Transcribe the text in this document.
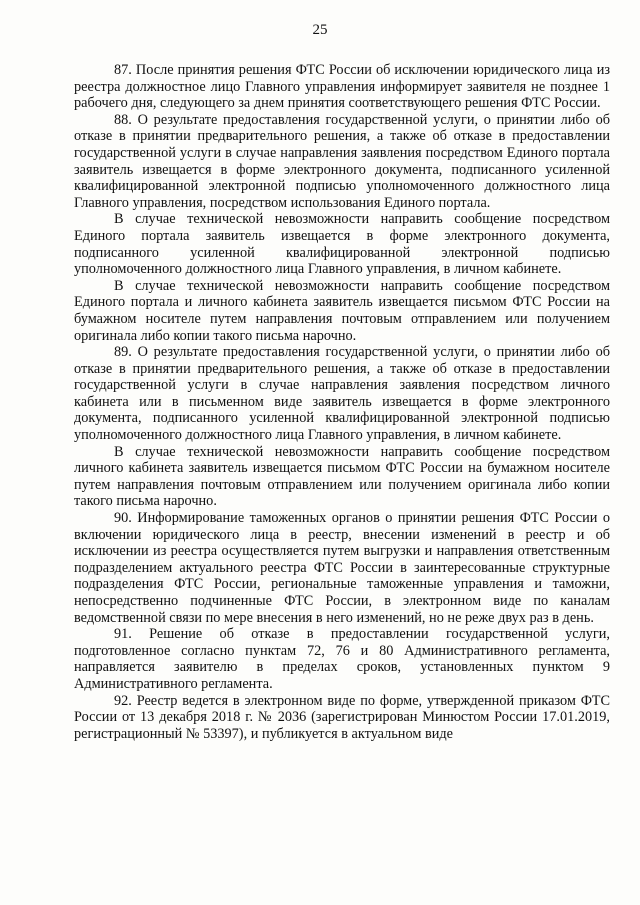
25

87. После принятия решения ФТС России об исключении юридического лица из реестра должностное лицо Главного управления информирует заявителя не позднее 1 рабочего дня, следующего за днем принятия соответствующего решения ФТС России.

88. О результате предоставления государственной услуги, о принятии либо об отказе в принятии предварительного решения, а также об отказе в предоставлении государственной услуги в случае направления заявления посредством Единого портала заявитель извещается в форме электронного документа, подписанного усиленной квалифицированной электронной подписью уполномоченного должностного лица Главного управления, посредством использования Единого портала.

В случае технической невозможности направить сообщение посредством Единого портала заявитель извещается в форме электронного документа, подписанного усиленной квалифицированной электронной подписью уполномоченного должностного лица Главного управления, в личном кабинете.

В случае технической невозможности направить сообщение посредством Единого портала и личного кабинета заявитель извещается письмом ФТС России на бумажном носителе путем направления почтовым отправлением или получением оригинала либо копии такого письма нарочно.

89. О результате предоставления государственной услуги, о принятии либо об отказе в принятии предварительного решения, а также об отказе в предоставлении государственной услуги в случае направления заявления посредством личного кабинета или в письменном виде заявитель извещается в форме электронного документа, подписанного усиленной квалифицированной электронной подписью уполномоченного должностного лица Главного управления, в личном кабинете.

В случае технической невозможности направить сообщение посредством личного кабинета заявитель извещается письмом ФТС России на бумажном носителе путем направления почтовым отправлением или получением оригинала либо копии такого письма нарочно.

90. Информирование таможенных органов о принятии решения ФТС России о включении юридического лица в реестр, внесении изменений в реестр и об исключении из реестра осуществляется путем выгрузки и направления ответственным подразделением актуального реестра ФТС России в заинтересованные структурные подразделения ФТС России, региональные таможенные управления и таможни, непосредственно подчиненные ФТС России, в электронном виде по каналам ведомственной связи по мере внесения в него изменений, но не реже двух раз в день.

91. Решение об отказе в предоставлении государственной услуги, подготовленное согласно пунктам 72, 76 и 80 Административного регламента, направляется заявителю в пределах сроков, установленных пунктом 9 Административного регламента.

92. Реестр ведется в электронном виде по форме, утвержденной приказом ФТС России от 13 декабря 2018 г. № 2036 (зарегистрирован Минюстом России 17.01.2019, регистрационный № 53397), и публикуется в актуальном виде
